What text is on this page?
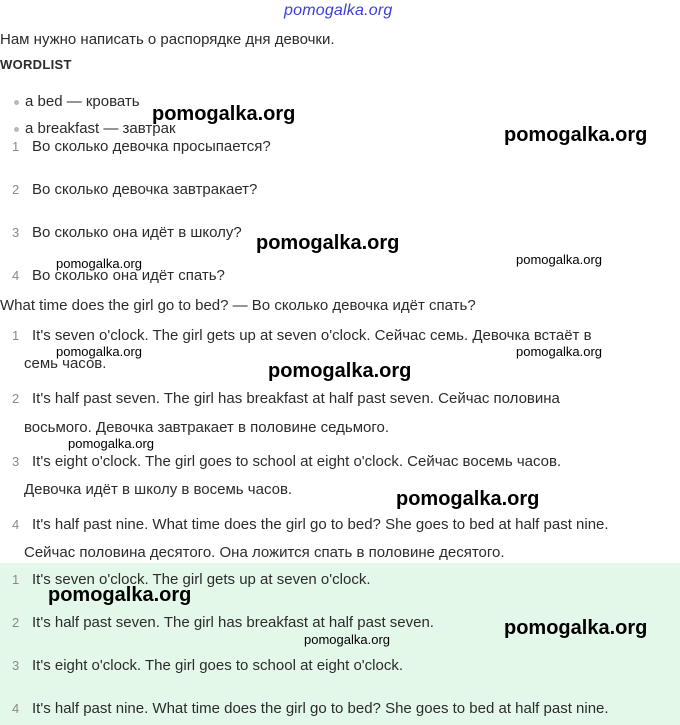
pomogalka.org
Нам нужно написать о распорядке дня девочки.
WORDLIST
a bed — кровать
a breakfast — завтрак
1 Во сколько девочка просыпается?
2 Во сколько девочка завтракает?
3 Во сколько она идёт в школу?
4 Во сколько она идёт спать?
What time does the girl go to bed? — Во сколько девочка идёт спать?
1 It's seven o'clock. The girl gets up at seven o'clock. Сейчас семь. Девочка встаёт в
семь часов.
2 It's half past seven. The girl has breakfast at half past seven. Сейчас половина
восьмого. Девочка завтракает в половине седьмого.
3 It's eight o'clock. The girl goes to school at eight o'clock. Сейчас восемь часов.
Девочка идёт в школу в восемь часов.
4 It's half past nine. What time does the girl go to bed? She goes to bed at half past nine.
Сейчас половина десятого. Она ложится спать в половине десятого.
1 It's seven o'clock. The girl gets up at seven o'clock.
2 It's half past seven. The girl has breakfast at half past seven.
3 It's eight o'clock. The girl goes to school at eight o'clock.
4 It's half past nine. What time does the girl go to bed? She goes to bed at half past nine.
pomogalka.org
pomogalka.org
pomogalka.org
pomogalka.org	pomogalka.org
pomogalka.org	pomogalka.org
pomogalka.org
pomogalka.org
pomogalka.org
pomogalka.org
pomogalka.org
pomogalka.org
